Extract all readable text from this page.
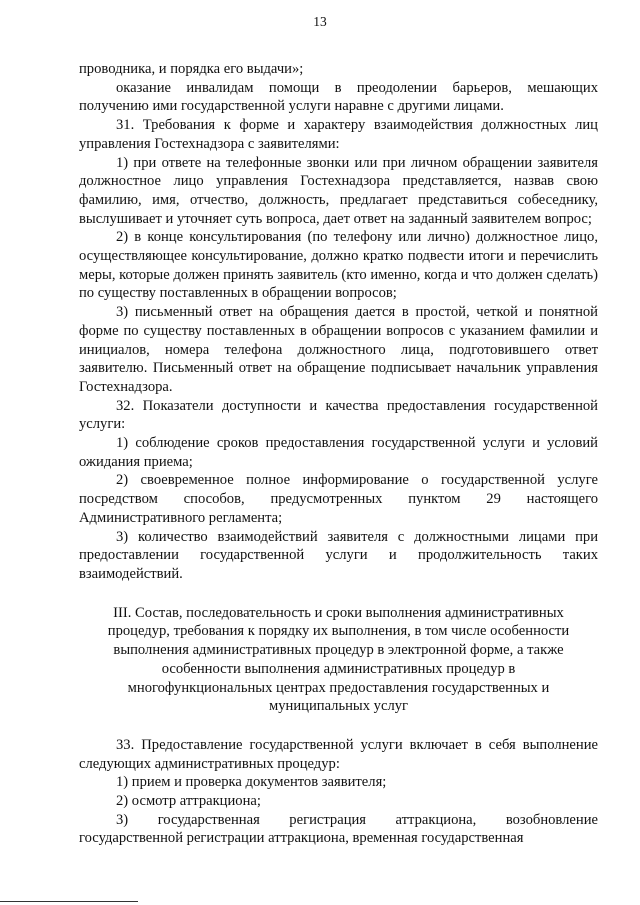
13

проводника, и порядка его выдачи»;

оказание инвалидам помощи в преодолении барьеров, мешающих получению ими государственной услуги наравне с другими лицами.

31. Требования к форме и характеру взаимодействия должностных лиц управления Гостехнадзора с заявителями:

1) при ответе на телефонные звонки или при личном обращении заявителя должностное лицо управления Гостехнадзора представляется, назвав свою фамилию, имя, отчество, должность, предлагает представиться собеседнику, выслушивает и уточняет суть вопроса, дает ответ на заданный заявителем вопрос;

2) в конце консультирования (по телефону или лично) должностное лицо, осуществляющее консультирование, должно кратко подвести итоги и перечислить меры, которые должен принять заявитель (кто именно, когда и что должен сделать) по существу поставленных в обращении вопросов;

3) письменный ответ на обращения дается в простой, четкой и понятной форме по существу поставленных в обращении вопросов с указанием фамилии и инициалов, номера телефона должностного лица, подготовившего ответ заявителю. Письменный ответ на обращение подписывает начальник управления Гостехнадзора.

32. Показатели доступности и качества предоставления государственной услуги:

1) соблюдение сроков предоставления государственной услуги и условий ожидания приема;

2) своевременное полное информирование о государственной услуге посредством способов, предусмотренных пунктом 29 настоящего Административного регламента;

3) количество взаимодействий заявителя с должностными лицами при предоставлении государственной услуги и продолжительность таких взаимодействий.

III. Состав, последовательность и сроки выполнения административных процедур, требования к порядку их выполнения, в том числе особенности выполнения административных процедур в электронной форме, а также особенности выполнения административных процедур в многофункциональных центрах предоставления государственных и муниципальных услуг

33. Предоставление государственной услуги включает в себя выполнение следующих административных процедур:

1) прием и проверка документов заявителя;

2) осмотр аттракциона;

3) государственная регистрация аттракциона, возобновление государственной регистрации аттракциона, временная государственная
